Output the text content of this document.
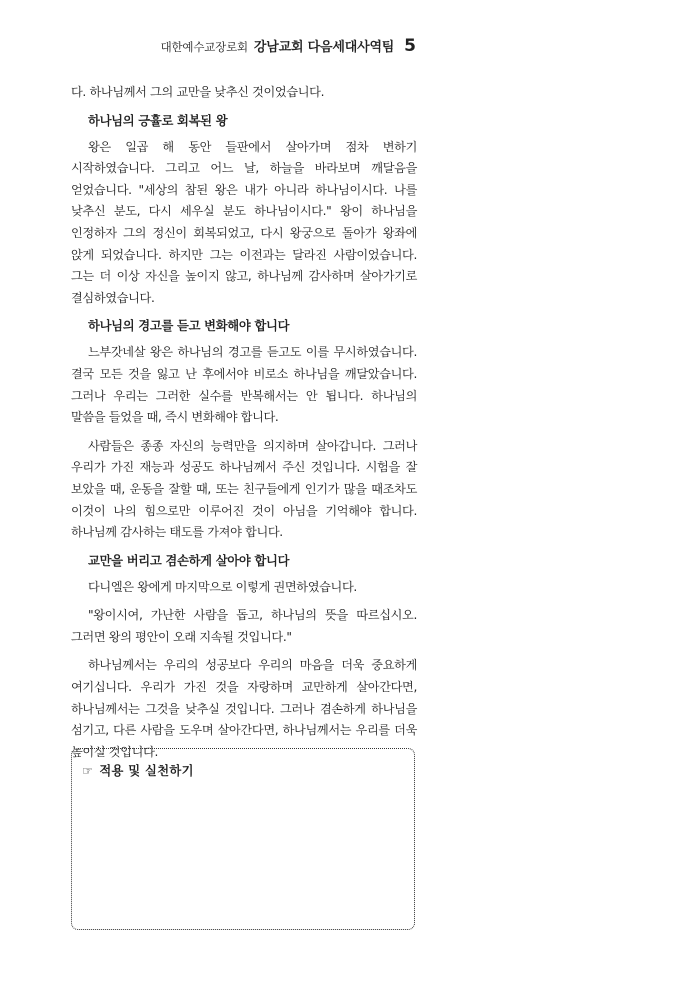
대한예수교장로회 강남교회 다음세대사역팀 5

다. 하나님께서 그의 교만을 낮추신 것이었습니다.

하나님의 긍휼로 회복된 왕

왕은 일곱 해 동안 들판에서 살아가며 점차 변하기 시작하였습니다. 그리고 어느 날, 하늘을 바라보며 깨달음을 얻었습니다. "세상의 참된 왕은 내가 아니라 하나님이시다. 나를 낮추신 분도, 다시 세우실 분도 하나님이시다." 왕이 하나님을 인정하자 그의 정신이 회복되었고, 다시 왕궁으로 돌아가 왕좌에 앉게 되었습니다. 하지만 그는 이전과는 달라진 사람이었습니다. 그는 더 이상 자신을 높이지 않고, 하나님께 감사하며 살아가기로 결심하였습니다.

하나님의 경고를 듣고 변화해야 합니다

느부갓네살 왕은 하나님의 경고를 듣고도 이를 무시하였습니다. 결국 모든 것을 잃고 난 후에서야 비로소 하나님을 깨달았습니다. 그러나 우리는 그러한 실수를 반복해서는 안 됩니다. 하나님의 말씀을 들었을 때, 즉시 변화해야 합니다.

사람들은 종종 자신의 능력만을 의지하며 살아갑니다. 그러나 우리가 가진 재능과 성공도 하나님께서 주신 것입니다. 시험을 잘 보았을 때, 운동을 잘할 때, 또는 친구들에게 인기가 많을 때조차도 이것이 나의 힘으로만 이루어진 것이 아님을 기억해야 합니다. 하나님께 감사하는 태도를 가져야 합니다.

교만을 버리고 겸손하게 살아야 합니다

다니엘은 왕에게 마지막으로 이렇게 권면하였습니다.

"왕이시여, 가난한 사람을 돕고, 하나님의 뜻을 따르십시오. 그러면 왕의 평안이 오래 지속될 것입니다."

하나님께서는 우리의 성공보다 우리의 마음을 더욱 중요하게 여기십니다. 우리가 가진 것을 자랑하며 교만하게 살아간다면, 하나님께서는 그것을 낮추실 것입니다. 그러나 겸손하게 하나님을 섬기고, 다른 사람을 도우며 살아간다면, 하나님께서는 우리를 더욱 높이실 것입니다.

☞ 적용 및 실천하기
